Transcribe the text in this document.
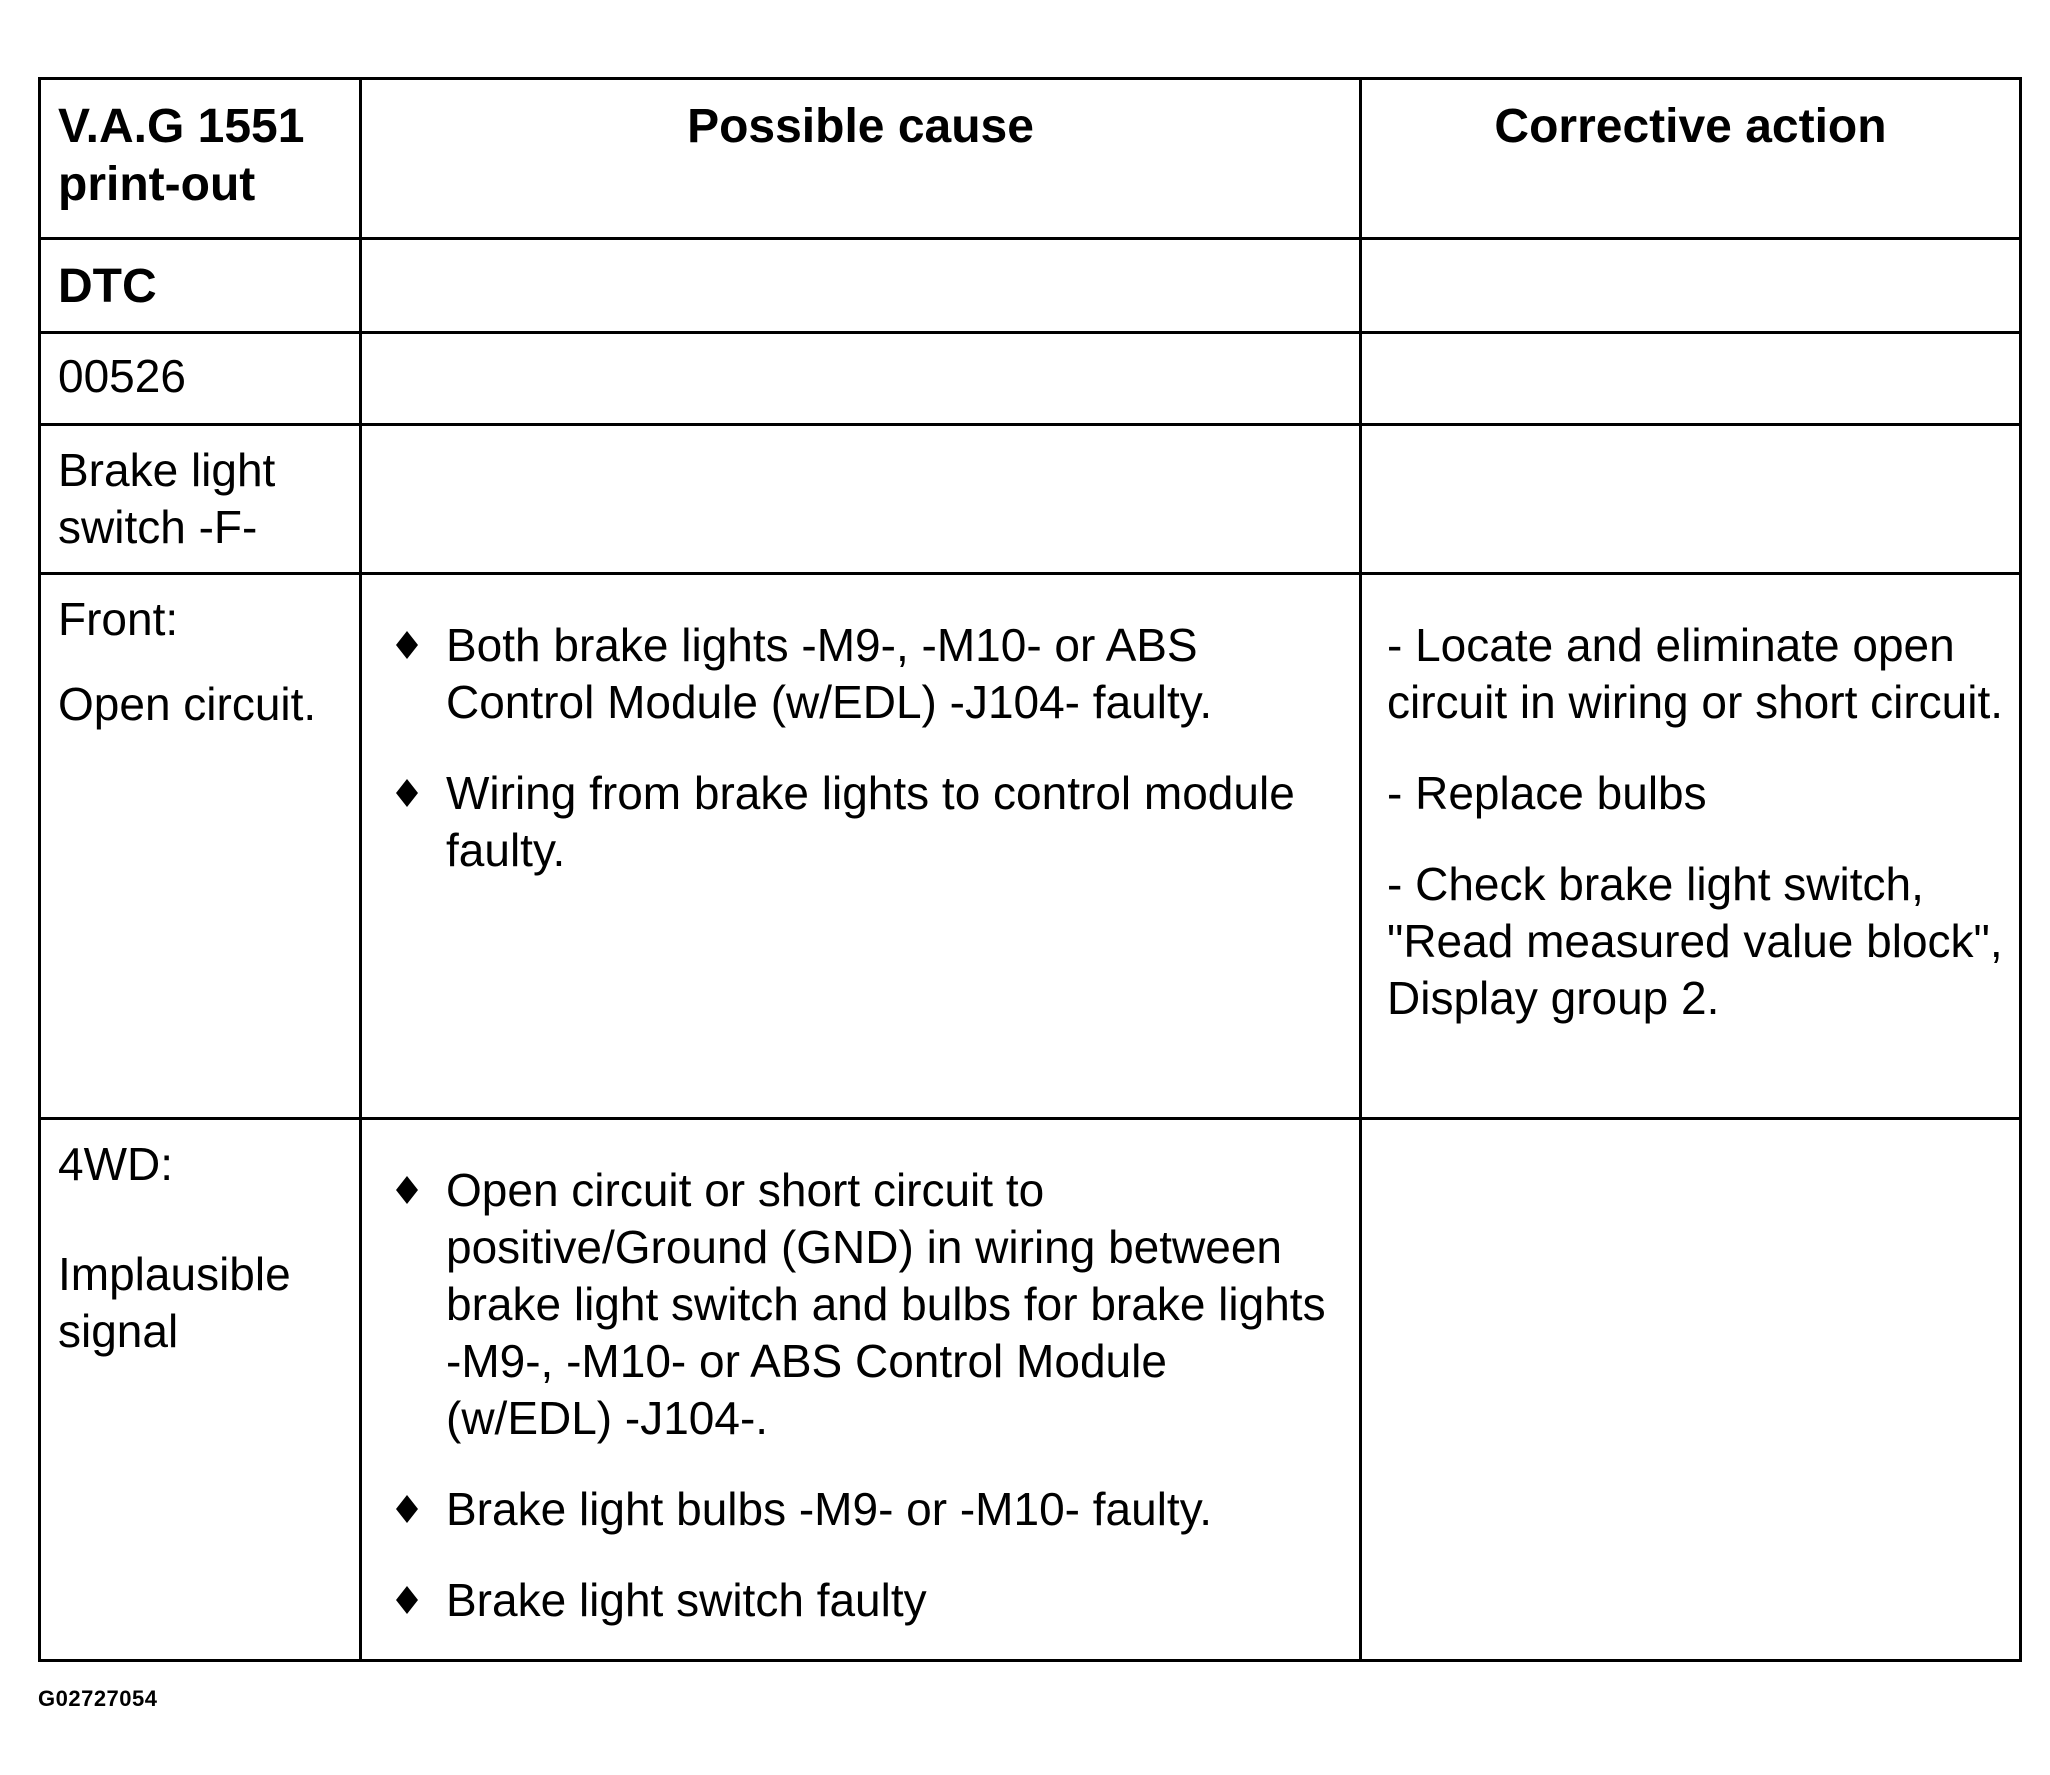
V.A.G 1551 print-out
Possible cause	Corrective action
DTC
00526
Brake light switch -F-
Front:
Open circuit.
Both brake lights -M9-, -M10- or ABS Control Module (w/EDL) -J104- faulty.
Wiring from brake lights to control module faulty.

- Locate and eliminate open circuit in wiring or short circuit.

- Replace bulbs

- Check brake light switch, "Read measured value block", Display group 2.

4WD:
Implausible signal
Open circuit or short circuit to positive/Ground (GND) in wiring between brake light switch and bulbs for brake lights -M9-, -M10- or ABS Control Module (w/EDL) -J104-.
Brake light bulbs -M9- or -M10- faulty.
Brake light switch faulty
G02727054
